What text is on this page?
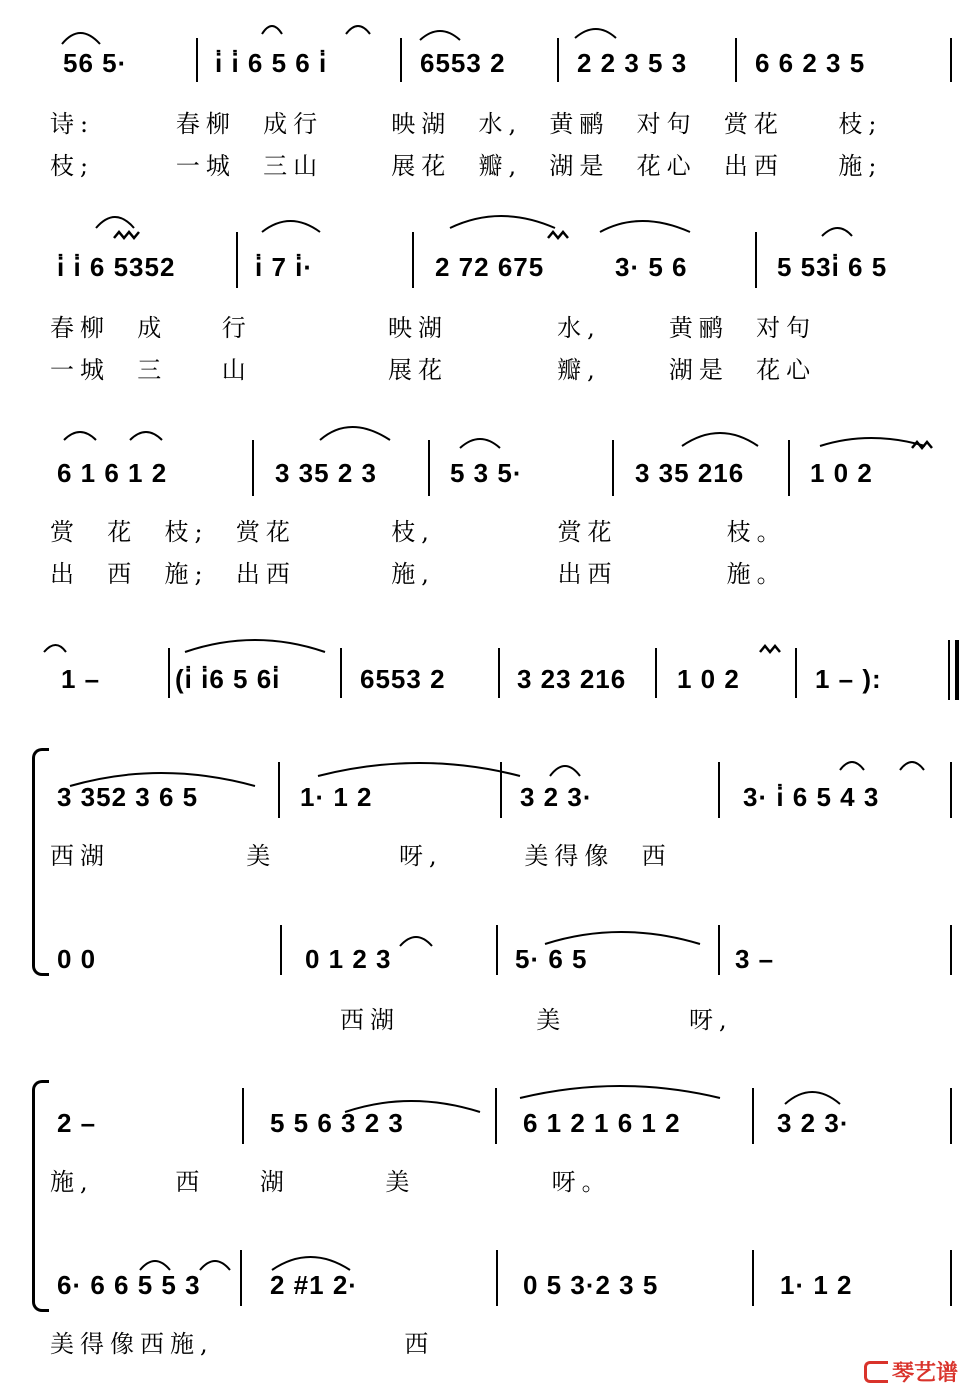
56 5·	i̇ i̇ 6 5 6 i̇	6553 2	2 2 3 5 3	6 6 2 3 5
诗:      春柳  成行     映湖  水,  黄鹂  对句  赏花    枝;
枝;      一城  三山     展花  瓣,  湖是  花心  出西    施;
i̇ i̇ 6 5352	i̇ 7 i̇·	2 72 675	3· 5 6	5 53i̇ 6 5
春柳  成    行          映湖        水,     黄鹂  对句
一城  三    山          展花        瓣,     湖是  花心
6 1 6 1 2	3 35 2 3	5 3 5·	3 35 216	1 0 2
赏  花  枝;  赏花       枝,         赏花        枝。
出  西  施;  出西       施,         出西        施。
1 –	(i̇ i̇6 5 6i̇	6553 2	3 23 216 1 0 2	1 – ):
3 352 3 6 5	1· 1 2	3 2 3·	3· i̇ 6 5 4 3
西湖          美         呀,      美得像  西
0 0	0 1 2 3	5· 6 5	3 –
西湖          美         呀,
2 –	5 5 6 3 2 3	6 1 2 1 6 1 2	3 2 3·
施,      西    湖       美          呀。
6· 6 6 5 5 3	2 #1 2·	0 5 3·2 3 5	1· 1 2
美得像西施,              西
琴艺谱
